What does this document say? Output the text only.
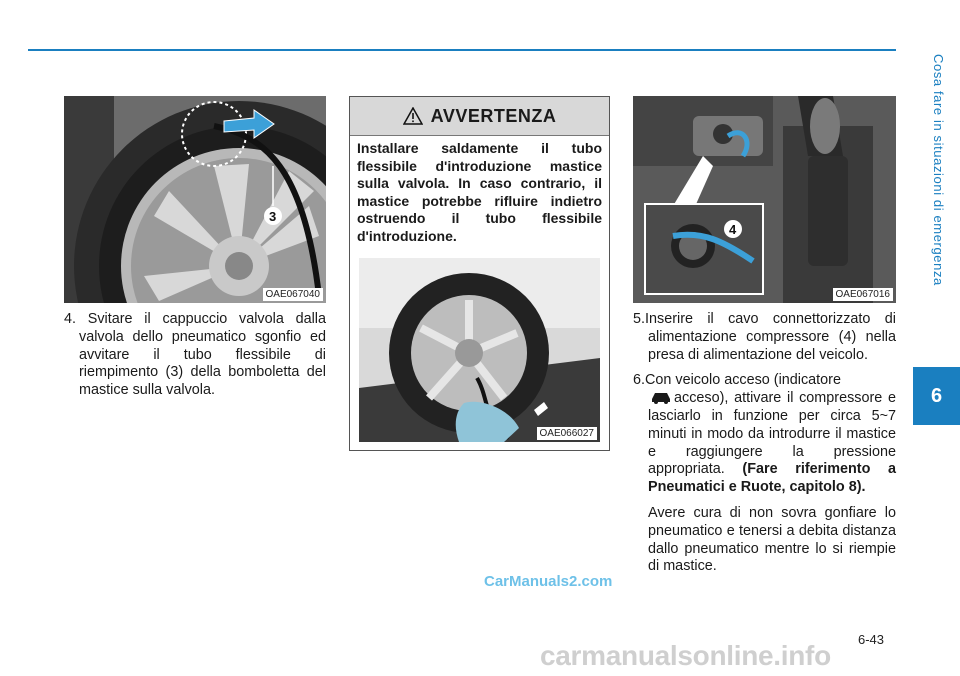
Cosa fare in situazioni di emergenza
6
3
OAE067040

4. Svitare il cappuccio valvola dalla valvola dello pneumatico sgonfio ed avvitare il tubo flessibile di riempimento (3) della bomboletta del mastice sulla valvola.

AVVERTENZA
Installare saldamente il tubo flessibile d'introduzione mastice sulla valvola. In caso contrario, il mastice potrebbe rifluire indietro ostruendo il tubo flessibile d'introduzione.
OAE066027
4
OAE067016

5.Inserire il cavo connettorizzato di alimentazione compressore (4) nella presa di alimentazione del veicolo.

6.Con veicolo acceso (indicatore
acceso), attivare il compressore e lasciarlo in funzione per circa 5~7 minuti in modo da introdurre il mastice e raggiungere la pressione appropriata. (Fare riferimento a Pneumatici e Ruote, capitolo 8).

Avere cura di non sovra gonfiare lo pneumatico e tenersi a debita distanza dallo pneumatico mentre lo si riempie di mastice.

CarManuals2.com
6-43
carmanualsonline.info
